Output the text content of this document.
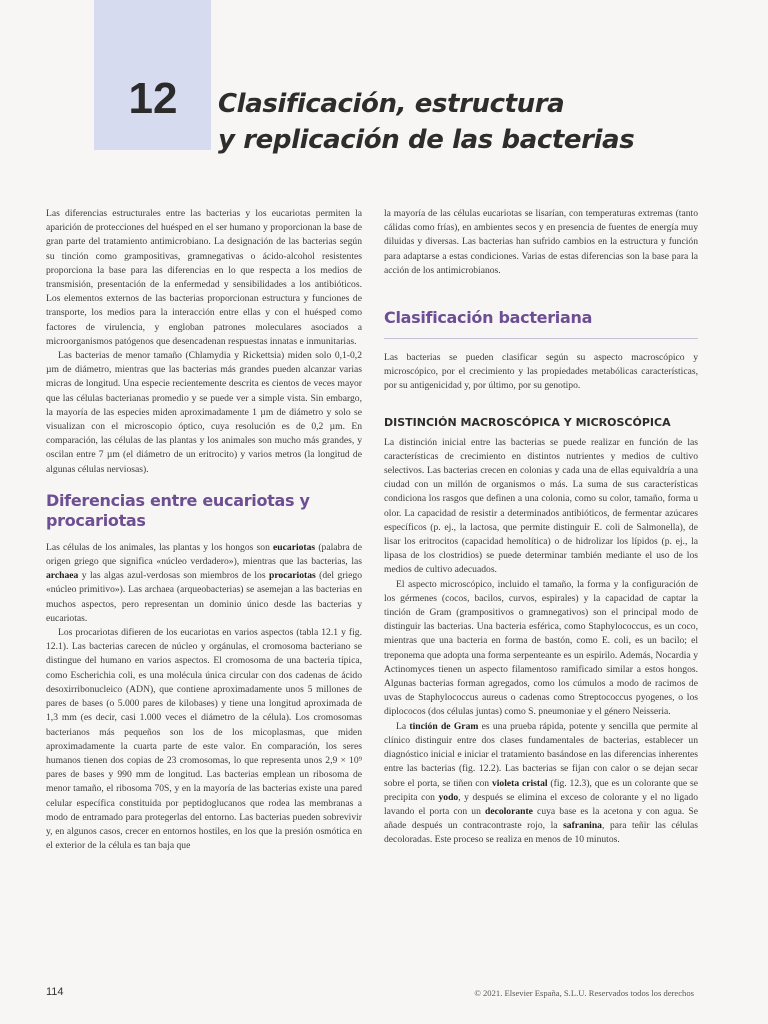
12	Clasificación, estructura
y replicación de las bacterias

Las diferencias estructurales entre las bacterias y los eucariotas permiten la aparición de protecciones del huésped en el ser humano y proporcionan la base de gran parte del tratamiento antimicrobiano. La designación de las bacterias según su tinción como grampositivas, gramnegativas o ácido-alcohol resistentes proporciona la base para las diferencias en lo que respecta a los medios de transmisión, presentación de la enfermedad y sensibilidades a los antibióticos. Los elementos externos de las bacterias proporcionan estructura y funciones de transporte, los medios para la interacción entre ellas y con el huésped como factores de virulencia, y engloban patrones moleculares asociados a microorganismos patógenos que desencadenan respuestas innatas e inmunitarias.

Las bacterias de menor tamaño (Chlamydia y Rickettsia) miden solo 0,1-0,2 µm de diámetro, mientras que las bacterias más grandes pueden alcanzar varias micras de longitud. Una especie recientemente descrita es cientos de veces mayor que las células bacterianas promedio y se puede ver a simple vista. Sin embargo, la mayoría de las especies miden aproximadamente 1 µm de diámetro y solo se visualizan con el microscopio óptico, cuya resolución es de 0,2 µm. En comparación, las células de las plantas y los animales son mucho más grandes, y oscilan entre 7 µm (el diámetro de un eritrocito) y varios metros (la longitud de algunas células nerviosas).

Diferencias entre eucariotas y procariotas

Las células de los animales, las plantas y los hongos son eucariotas (palabra de origen griego que significa «núcleo verdadero»), mientras que las bacterias, las archaea y las algas azul-verdosas son miembros de los procariotas (del griego «núcleo primitivo»). Las archaea (arqueobacterias) se asemejan a las bacterias en muchos aspectos, pero representan un dominio único desde las bacterias y eucariotas.

Los procariotas difieren de los eucariotas en varios aspectos (tabla 12.1 y fig. 12.1). Las bacterias carecen de núcleo y orgánulas, el cromosoma bacteriano se distingue del humano en varios aspectos. El cromosoma de una bacteria típica, como Escherichia coli, es una molécula única circular con dos cadenas de ácido desoxirribonucleico (ADN), que contiene aproximadamente unos 5 millones de pares de bases (o 5.000 pares de kilobases) y tiene una longitud aproximada de 1,3 mm (es decir, casi 1.000 veces el diámetro de la célula). Los cromosomas bacterianos más pequeños son los de los micoplasmas, que miden aproximadamente la cuarta parte de este valor. En comparación, los seres humanos tienen dos copias de 23 cromosomas, lo que representa unos 2,9 × 10⁹ pares de bases y 990 mm de longitud. Las bacterias emplean un ribosoma de menor tamaño, el ribosoma 70S, y en la mayoría de las bacterias existe una pared celular específica constituida por peptidoglucanos que rodea las membranas a modo de entramado para protegerlas del entorno. Las bacterias pueden sobrevivir y, en algunos casos, crecer en entornos hostiles, en los que la presión osmótica en el exterior de la célula es tan baja que

la mayoría de las células eucariotas se lisarían, con temperaturas extremas (tanto cálidas como frías), en ambientes secos y en presencia de fuentes de energía muy diluidas y diversas. Las bacterias han sufrido cambios en la estructura y función para adaptarse a estas condiciones. Varias de estas diferencias son la base para la acción de los antimicrobianos.

Clasificación bacteriana

Las bacterias se pueden clasificar según su aspecto macroscópico y microscópico, por el crecimiento y las propiedades metabólicas características, por su antigenicidad y, por último, por su genotipo.

DISTINCIÓN MACROSCÓPICA Y MICROSCÓPICA

La distinción inicial entre las bacterias se puede realizar en función de las características de crecimiento en distintos nutrientes y medios de cultivo selectivos. Las bacterias crecen en colonias y cada una de ellas equivaldría a una ciudad con un millón de organismos o más. La suma de sus características condiciona los rasgos que definen a una colonia, como su color, tamaño, forma u olor. La capacidad de resistir a determinados antibióticos, de fermentar azúcares específicos (p. ej., la lactosa, que permite distinguir E. coli de Salmonella), de lisar los eritrocitos (capacidad hemolítica) o de hidrolizar los lípidos (p. ej., la lipasa de los clostridios) se puede determinar también mediante el uso de los medios de cultivo adecuados.

El aspecto microscópico, incluido el tamaño, la forma y la configuración de los gérmenes (cocos, bacilos, curvos, espirales) y la capacidad de captar la tinción de Gram (grampositivos o gramnegativos) son el principal modo de distinguir las bacterias. Una bacteria esférica, como Staphylococcus, es un coco, mientras que una bacteria en forma de bastón, como E. coli, es un bacilo; el treponema que adopta una forma serpenteante es un espirilo. Además, Nocardia y Actinomyces tienen un aspecto filamentoso ramificado similar a estos hongos. Algunas bacterias forman agregados, como los cúmulos a modo de racimos de uvas de Staphylococcus aureus o cadenas como Streptococcus pyogenes, o los diplococos (dos células juntas) como S. pneumoniae y el género Neisseria.

La tinción de Gram es una prueba rápida, potente y sencilla que permite al clínico distinguir entre dos clases fundamentales de bacterias, establecer un diagnóstico inicial e iniciar el tratamiento basándose en las diferencias inherentes entre las bacterias (fig. 12.2). Las bacterias se fijan con calor o se dejan secar sobre el porta, se tiñen con violeta cristal (fig. 12.3), que es un colorante que se precipita con yodo, y después se elimina el exceso de colorante y el no ligado lavando el porta con un decolorante cuya base es la acetona y con agua. Se añade después un contracontraste rojo, la safranina, para teñir las células decoloradas. Este proceso se realiza en menos de 10 minutos.

114	© 2021. Elsevier España, S.L.U. Reservados todos los derechos
